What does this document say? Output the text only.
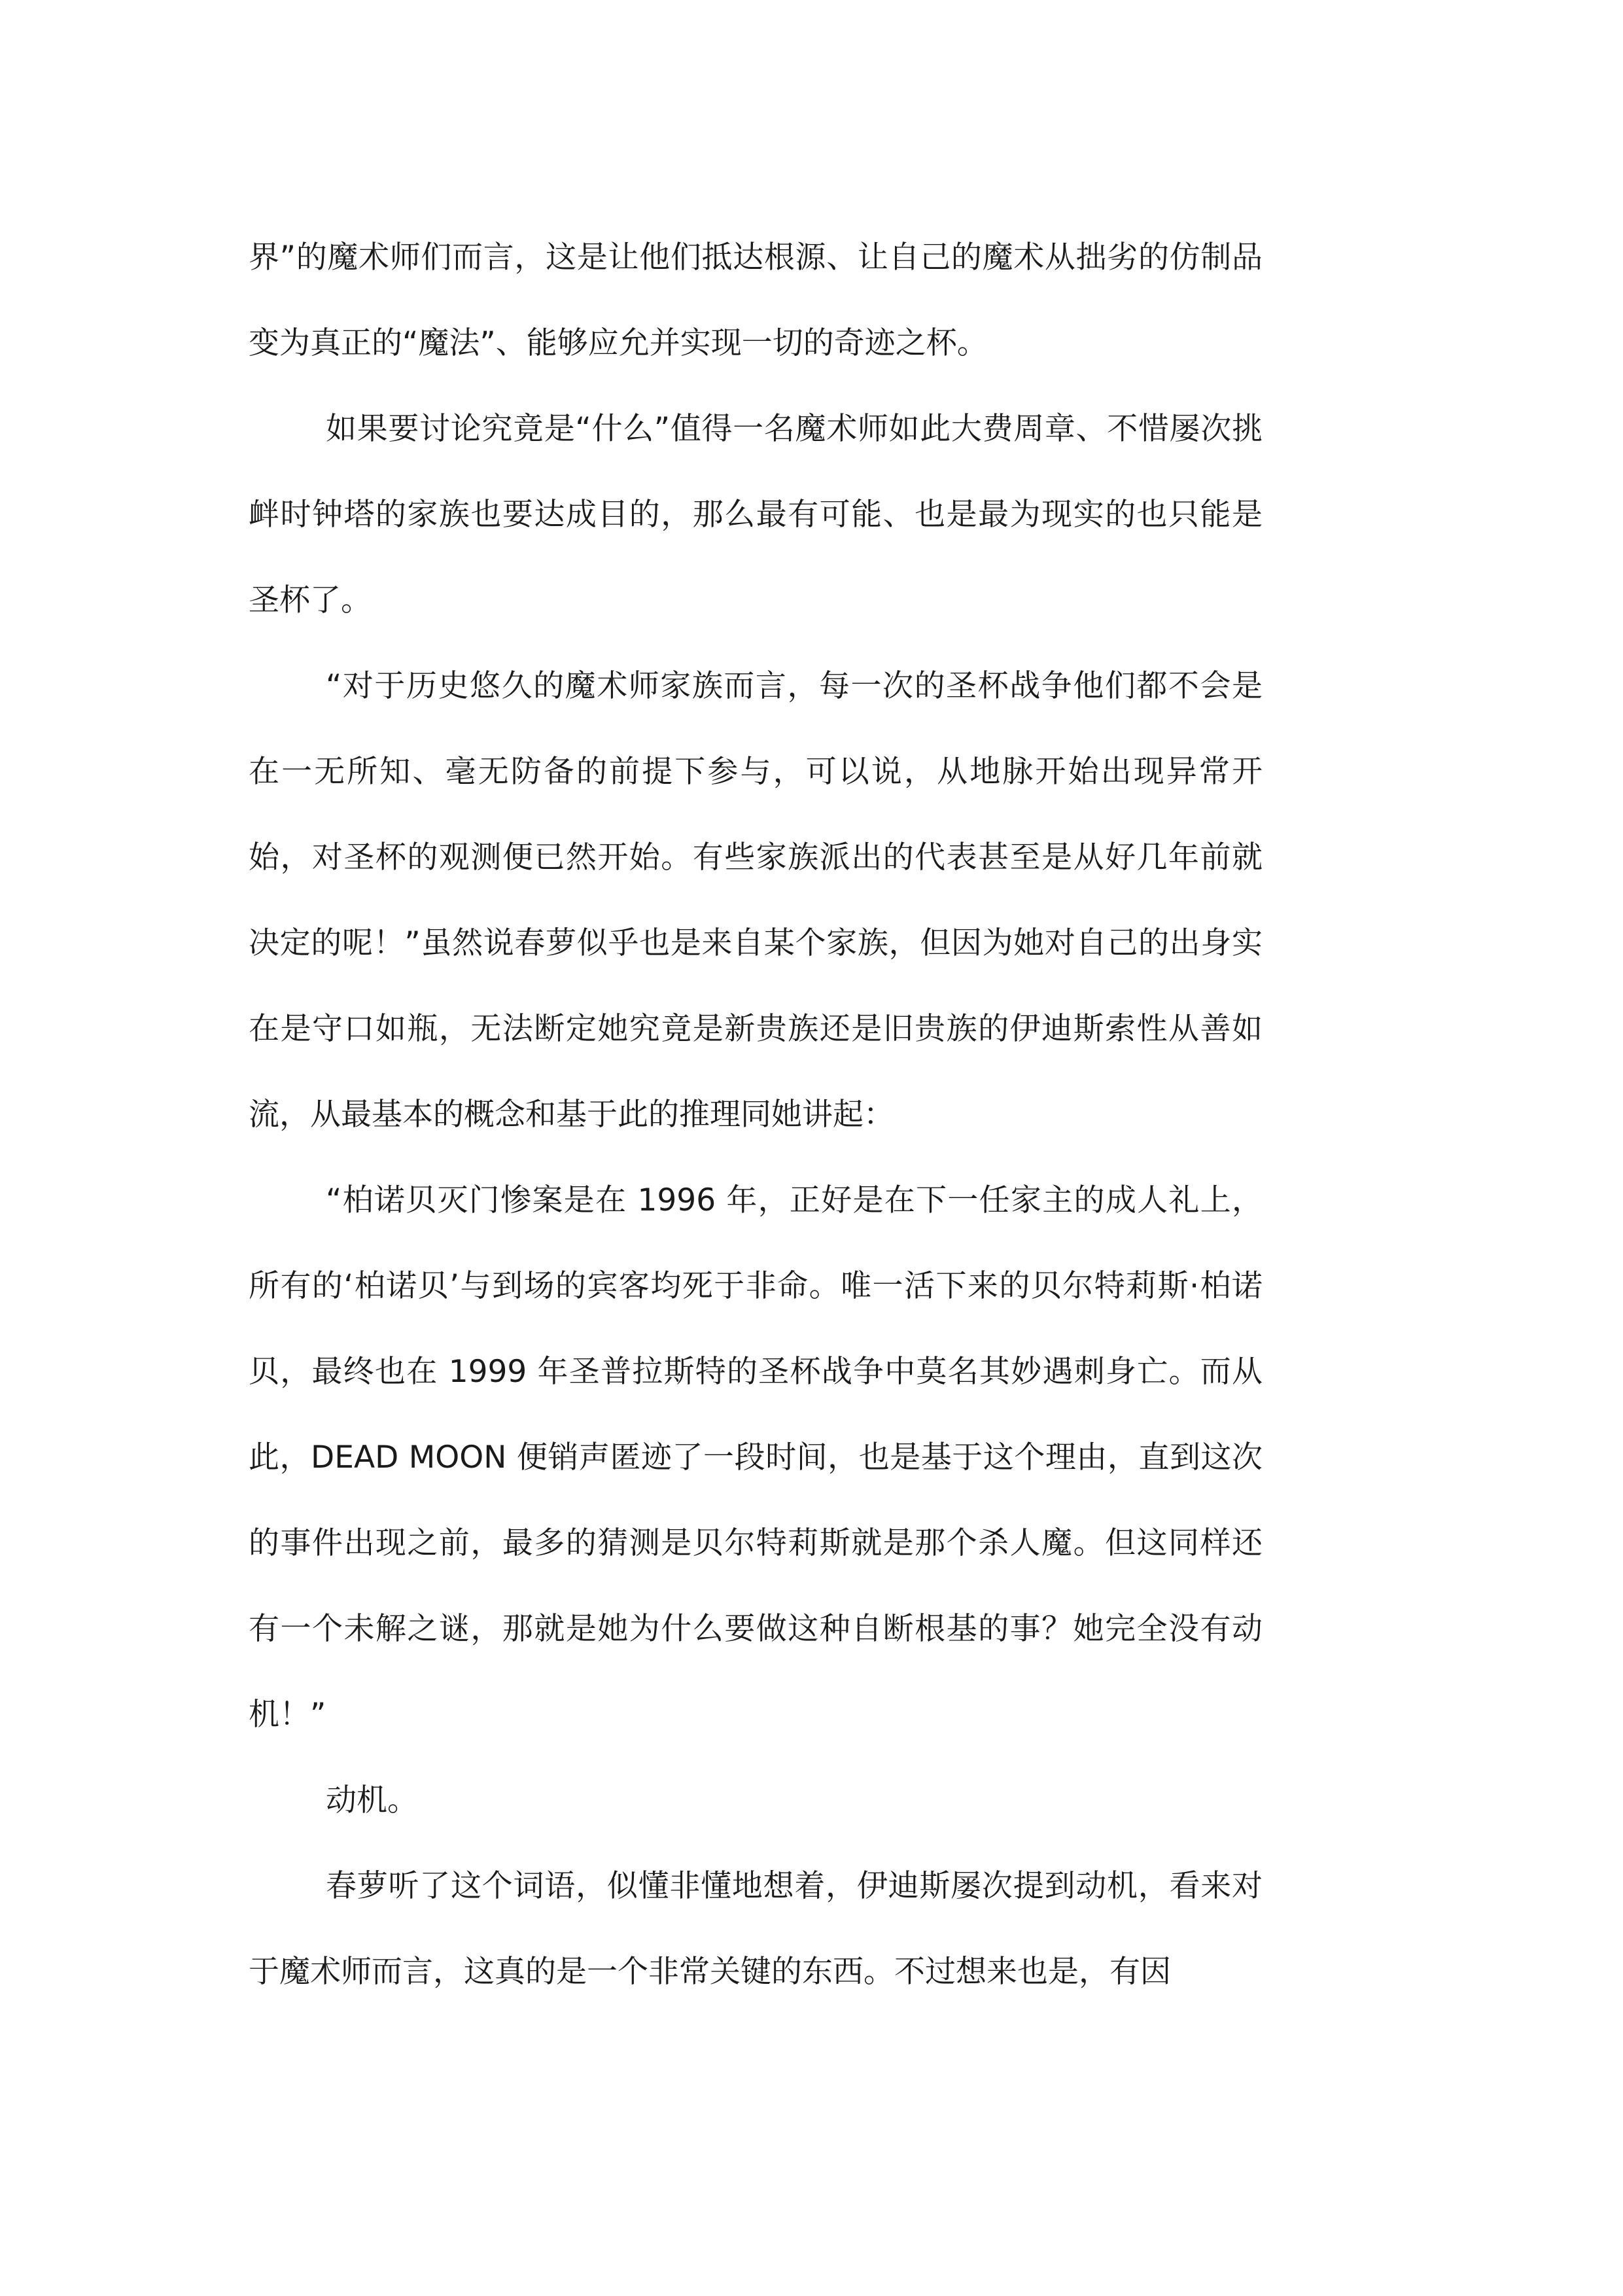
界”的魔术师们而言，这是让他们抵达根源、让自己的魔术从拙劣的仿制品变为真正的“魔法”、能够应允并实现一切的奇迹之杯。

如果要讨论究竟是“什么”值得一名魔术师如此大费周章、不惜屡次挑衅时钟塔的家族也要达成目的，那么最有可能、也是最为现实的也只能是圣杯了。

“对于历史悠久的魔术师家族而言，每一次的圣杯战争他们都不会是在一无所知、毫无防备的前提下参与，可以说，从地脉开始出现异常开始，对圣杯的观测便已然开始。有些家族派出的代表甚至是从好几年前就决定的呢！”虽然说春萝似乎也是来自某个家族，但因为她对自己的出身实在是守口如瓶，无法断定她究竟是新贵族还是旧贵族的伊迪斯索性从善如流，从最基本的概念和基于此的推理同她讲起：

“柏诺贝灭门惨案是在 1996 年，正好是在下一任家主的成人礼上，所有的‘柏诺贝’与到场的宾客均死于非命。唯一活下来的贝尔特莉斯·柏诺贝，最终也在 1999 年圣普拉斯特的圣杯战争中莫名其妙遇刺身亡。而从此，DEAD MOON 便销声匿迹了一段时间，也是基于这个理由，直到这次的事件出现之前，最多的猜测是贝尔特莉斯就是那个杀人魔。但这同样还有一个未解之谜，那就是她为什么要做这种自断根基的事？她完全没有动机！”

动机。

春萝听了这个词语，似懂非懂地想着，伊迪斯屡次提到动机，看来对于魔术师而言，这真的是一个非常关键的东西。不过想来也是，有因
